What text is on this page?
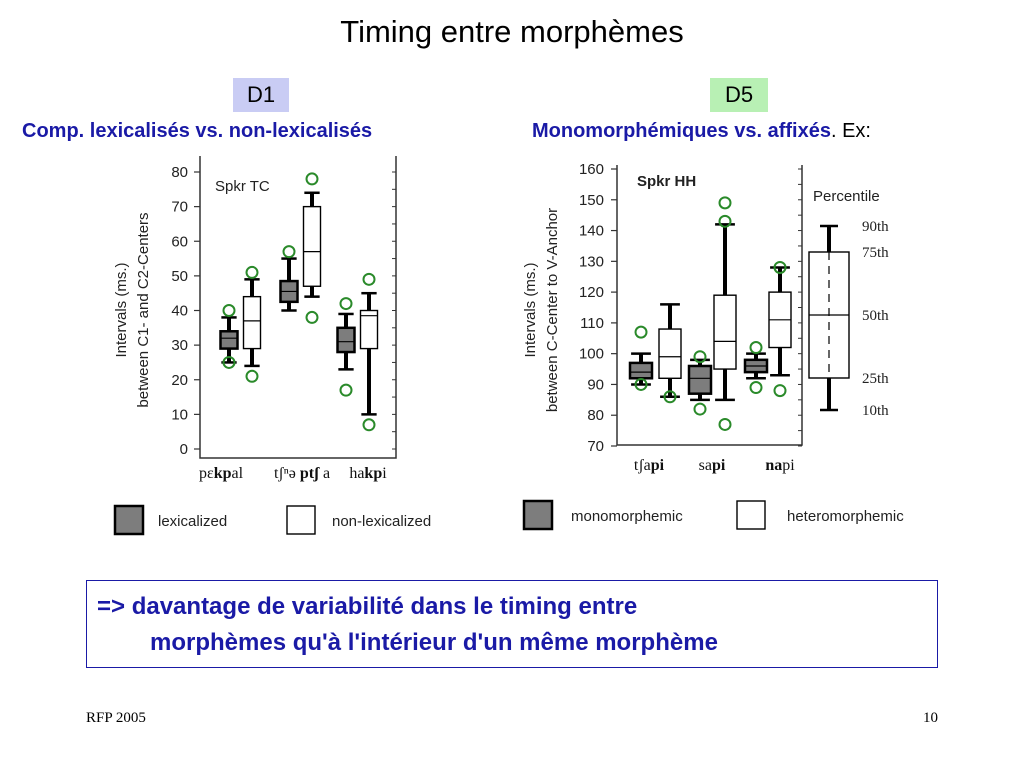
Timing entre morphèmes
D1	D5
Comp. lexicalisés vs. non-lexicalisés	Monomorphémiques vs. affixés. Ex:
0
10
20
30
40
50
60
70
80
Intervals (ms.) between C1- and C2-Centers
Spkr TC
pɛkpal tʃⁿə ptʃ a hakpi
lexicalized	non-lexicalized
70
80
90
100
110
120
130
140
150
160
Intervals (ms.) between C-Center to V-Anchor
Spkr HH
tʃapi sapi napi
monomorphemic	heteromorphemic
Percentile
90th
75th
50th
25th
10th
=> davantage de variabilité dans le timing entre
morphèmes qu'à l'intérieur d'un même morphème
RFP 2005	10
